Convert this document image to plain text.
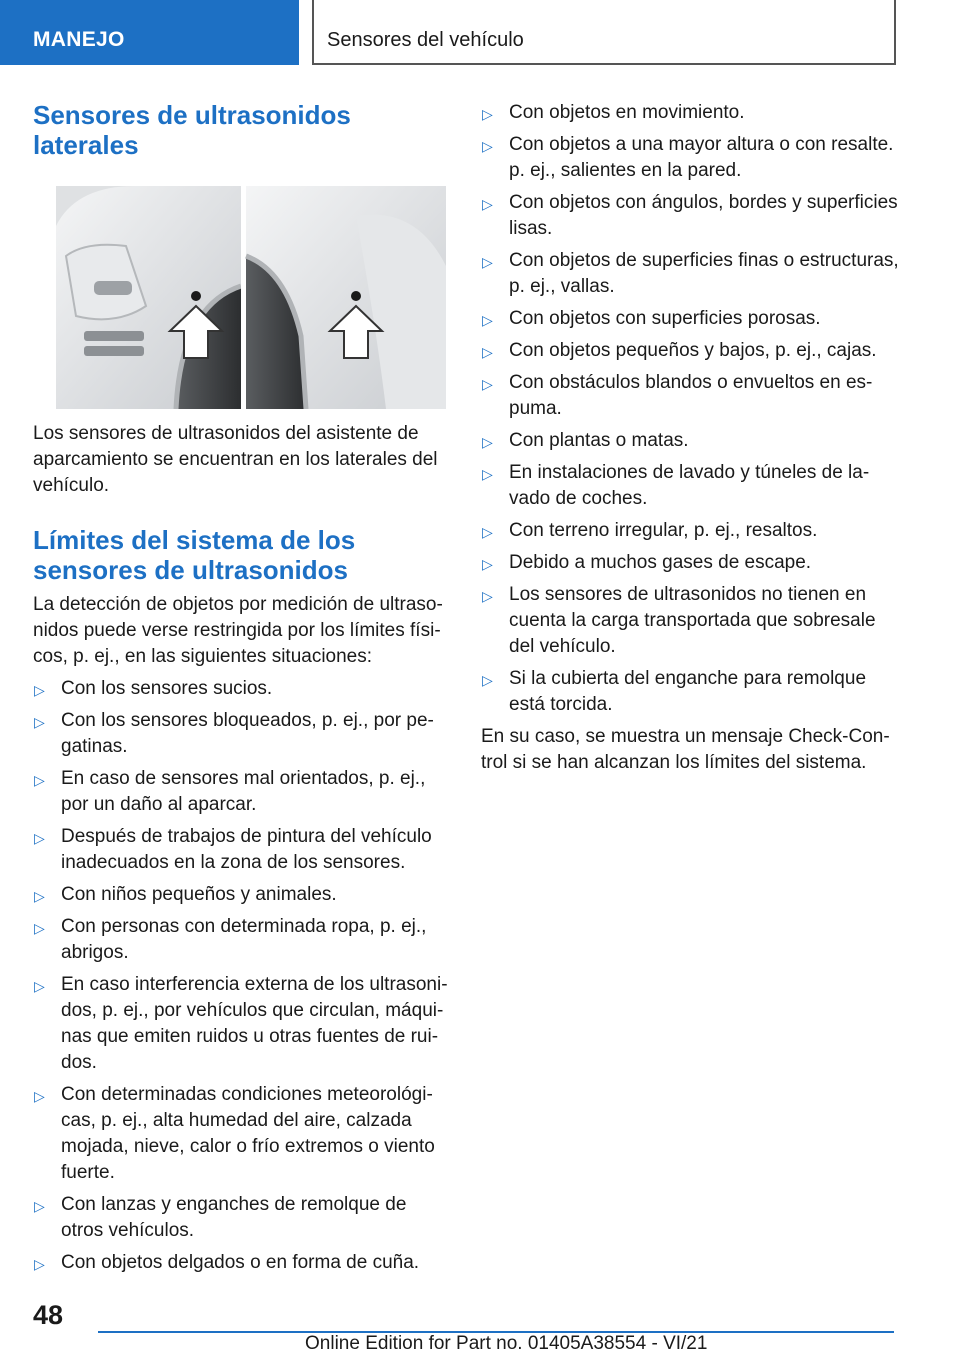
MANEJO	Sensores del vehículo
Sensores de ultrasonidos laterales

Los sensores de ultrasonidos del asistente de aparcamiento se encuentran en los laterales del vehículo.

Límites del sistema de los sensores de ultrasonidos

La detección de objetos por medición de ultrasonidos puede verse restringida por los límites físicos, p. ej., en las siguientes situaciones:

▷ Con los sensores sucios.
▷ Con los sensores bloqueados, p. ej., por pegatinas.
▷ En caso de sensores mal orientados, p. ej., por un daño al aparcar.
▷ Después de trabajos de pintura del vehículo inadecuados en la zona de los sensores.
▷ Con niños pequeños y animales.
▷ Con personas con determinada ropa, p. ej., abrigos.
▷ En caso interferencia externa de los ultrasonidos, p. ej., por vehículos que circulan, máquinas que emiten ruidos u otras fuentes de ruidos.
▷ Con determinadas condiciones meteorológicas, p. ej., alta humedad del aire, calzada mojada, nieve, calor o frío extremos o viento fuerte.
▷ Con lanzas y enganches de remolque de otros vehículos.
▷ Con objetos delgados o en forma de cuña.
▷ Con objetos en movimiento.
▷ Con objetos a una mayor altura o con resalte. p. ej., salientes en la pared.
▷ Con objetos con ángulos, bordes y superficies lisas.
▷ Con objetos de superficies finas o estructuras, p. ej., vallas.
▷ Con objetos con superficies porosas.
▷ Con objetos pequeños y bajos, p. ej., cajas.
▷ Con obstáculos blandos o envueltos en espuma.
▷ Con plantas o matas.
▷ En instalaciones de lavado y túneles de lavado de coches.
▷ Con terreno irregular, p. ej., resaltos.
▷ Debido a muchos gases de escape.
▷ Los sensores de ultrasonidos no tienen en cuenta la carga transportada que sobresale del vehículo.
▷ Si la cubierta del enganche para remolque está torcida.

En su caso, se muestra un mensaje Check-Control si se han alcanzan los límites del sistema.

48
Online Edition for Part no. 01405A38554 - VI/21
